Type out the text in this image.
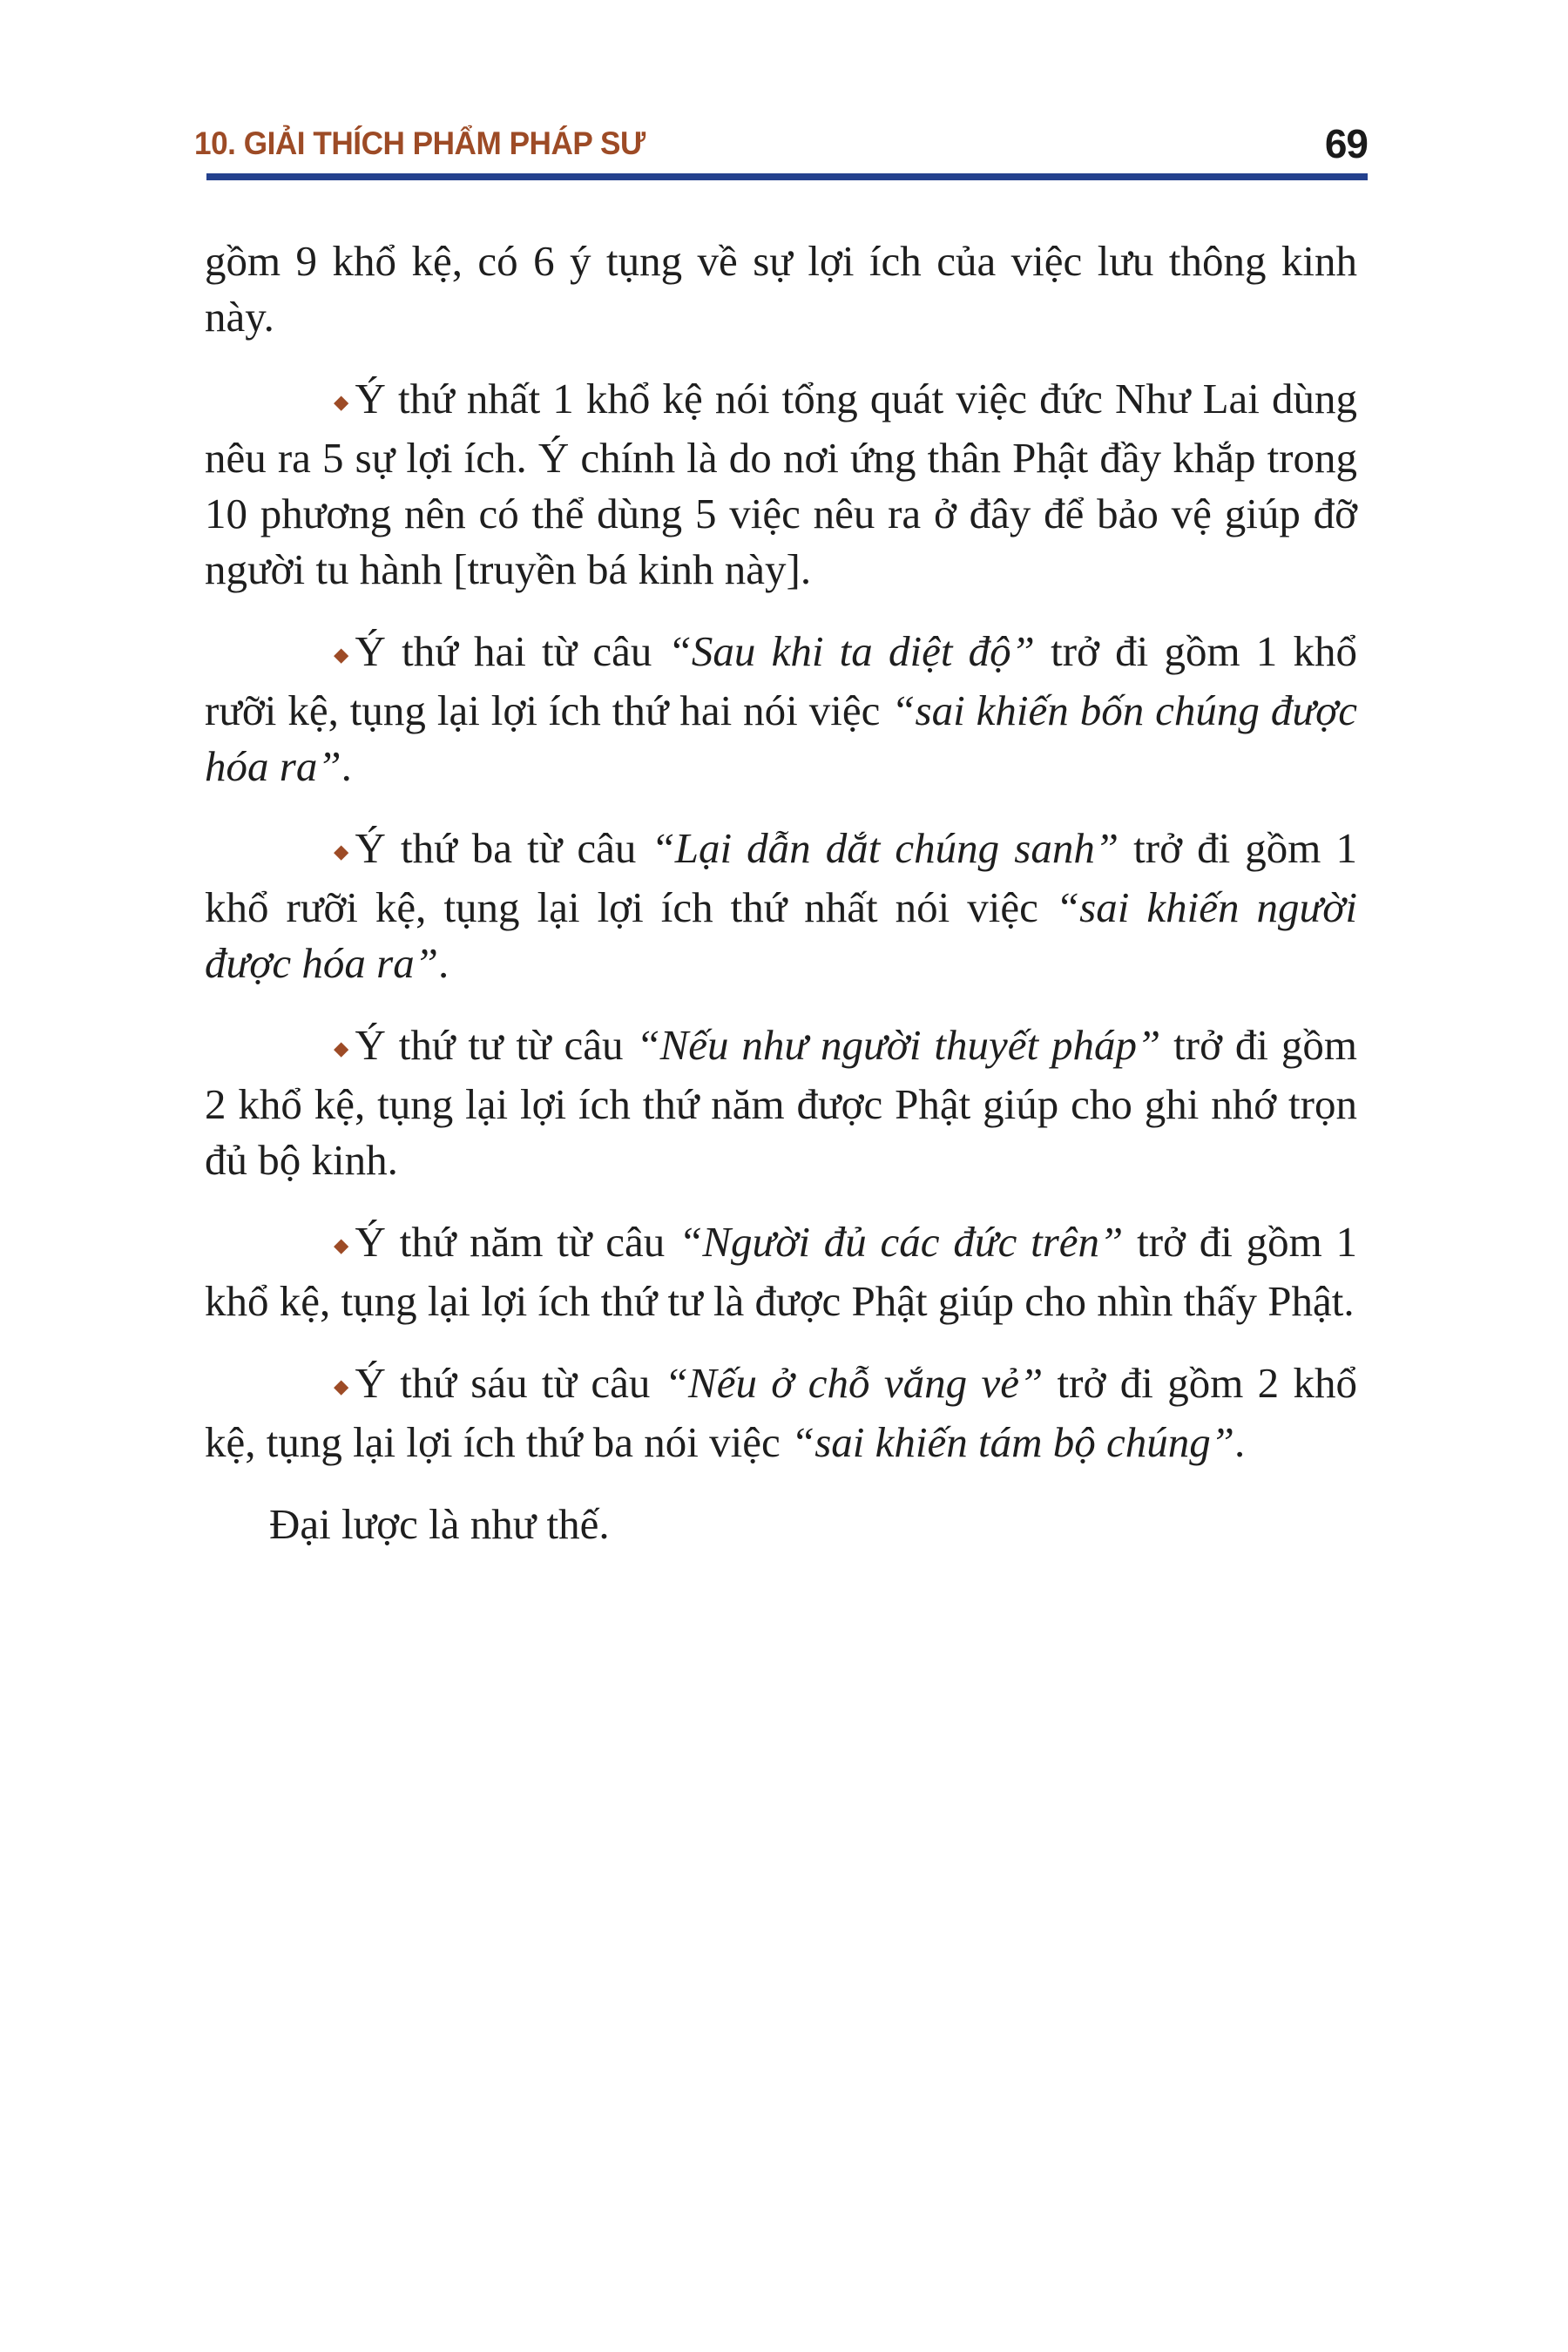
10. GIẢI THÍCH PHẨM PHÁP SƯ	69

gồm 9 khổ kệ, có 6 ý tụng về sự lợi ích của việc lưu thông kinh này.

◆ Ý thứ nhất 1 khổ kệ nói tổng quát việc đức Như Lai dùng nêu ra 5 sự lợi ích. Ý chính là do nơi ứng thân Phật đầy khắp trong 10 phương nên có thể dùng 5 việc nêu ra ở đây để bảo vệ giúp đỡ người tu hành [truyền bá kinh này].

◆ Ý thứ hai từ câu “Sau khi ta diệt độ” trở đi gồm 1 khổ rưỡi kệ, tụng lại lợi ích thứ hai nói việc “sai khiến bốn chúng được hóa ra”.

◆ Ý thứ ba từ câu “Lại dẫn dắt chúng sanh” trở đi gồm 1 khổ rưỡi kệ, tụng lại lợi ích thứ nhất nói việc “sai khiến người được hóa ra”.

◆ Ý thứ tư từ câu “Nếu như người thuyết pháp” trở đi gồm 2 khổ kệ, tụng lại lợi ích thứ năm được Phật giúp cho ghi nhớ trọn đủ bộ kinh.

◆ Ý thứ năm từ câu “Người đủ các đức trên” trở đi gồm 1 khổ kệ, tụng lại lợi ích thứ tư là được Phật giúp cho nhìn thấy Phật.

◆ Ý thứ sáu từ câu “Nếu ở chỗ vắng vẻ” trở đi gồm 2 khổ kệ, tụng lại lợi ích thứ ba nói việc “sai khiến tám bộ chúng”.

Đại lược là như thế.
